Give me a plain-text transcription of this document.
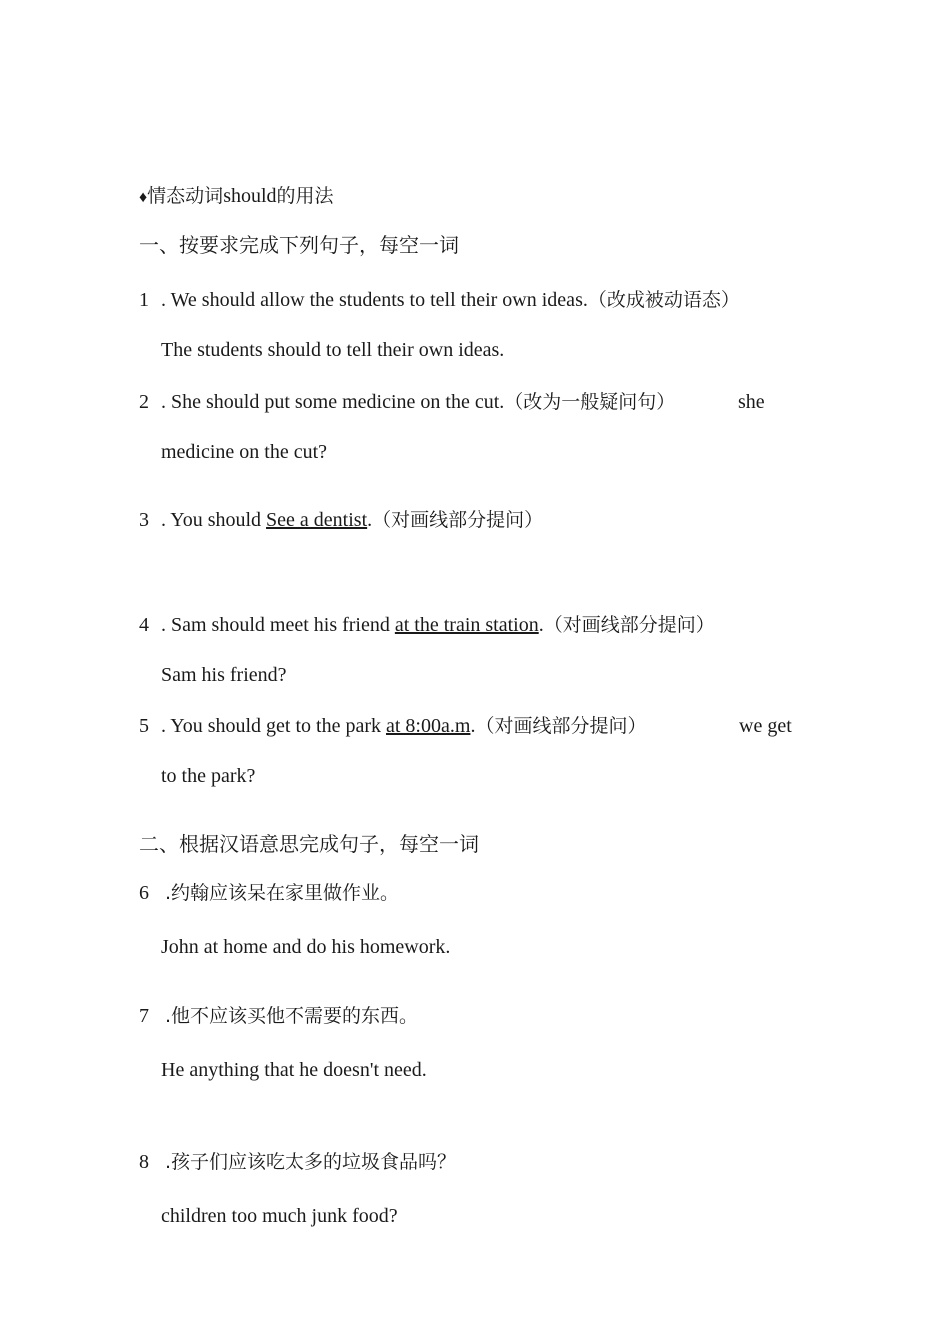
♦情态动词should的用法
一、按要求完成下列句子，每空一词
1 . We should allow the students to tell their own ideas.（改成被动语态）
The students should to tell their own ideas.
2 . She should put some medicine on the cut.（改为一般疑问句）	she
medicine on the cut?
3 . You should See a dentist.（对画线部分提问）
4 . Sam should meet his friend at the train station.（对画线部分提问）
Sam his friend?
5 . You should get to the park at 8:00a.m.（对画线部分提问）	we get
to the park?
二、根据汉语意思完成句子，每空一词
6 .约翰应该呆在家里做作业。
John at home and do his homework.
7 .他不应该买他不需要的东西。
He anything that he doesn't need.
8 .孩子们应该吃太多的垃圾食品吗？
children too much junk food?
